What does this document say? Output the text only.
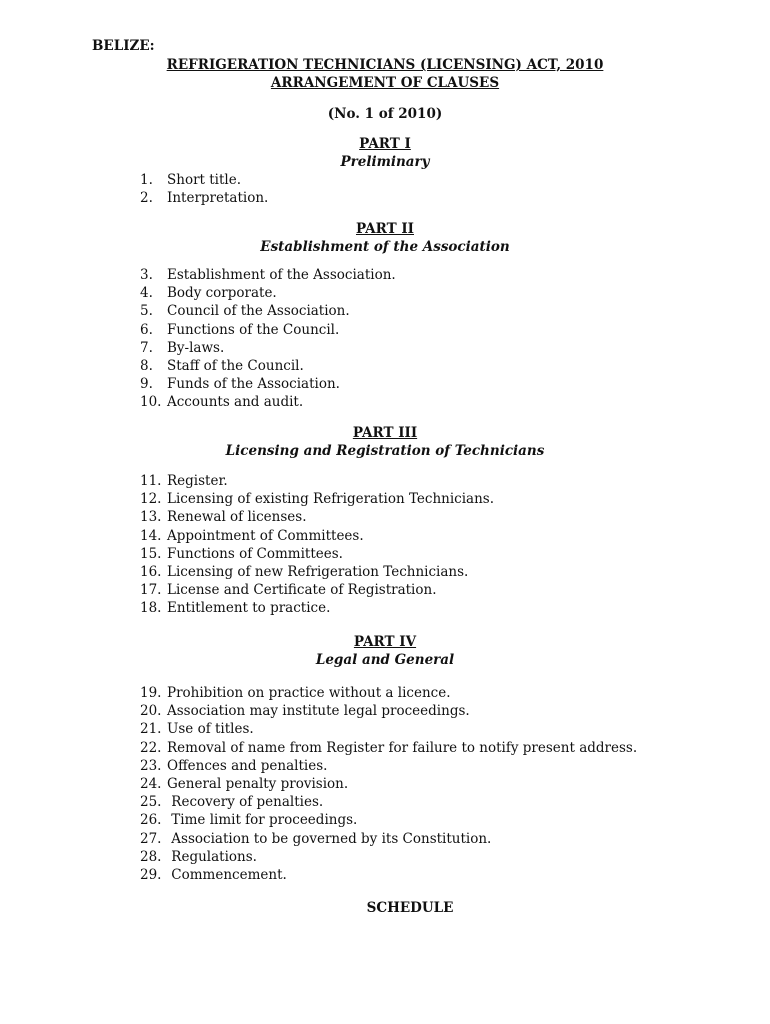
BELIZE:
REFRIGERATION TECHNICIANS (LICENSING) ACT, 2010
ARRANGEMENT OF CLAUSES
(No. 1 of 2010)
PART I
Preliminary
1. Short title.
2. Interpretation.
PART II
Establishment of the Association
3. Establishment of the Association.
4. Body corporate.
5. Council of the Association.
6. Functions of the Council.
7. By-laws.
8. Staff of the Council.
9. Funds of the Association.
10. Accounts and audit.
PART III
Licensing and Registration of Technicians
11. Register.
12. Licensing of existing Refrigeration Technicians.
13. Renewal of licenses.
14. Appointment of Committees.
15. Functions of Committees.
16. Licensing of new Refrigeration Technicians.
17. License and Certificate of Registration.
18. Entitlement to practice.
PART IV
Legal and General
19. Prohibition on practice without a licence.
20. Association may institute legal proceedings.
21. Use of titles.
22. Removal of name from Register for failure to notify present address.
23. Offences and penalties.
24. General penalty provision.
25. Recovery of penalties.
26. Time limit for proceedings.
27. Association to be governed by its Constitution.
28. Regulations.
29. Commencement.
SCHEDULE
